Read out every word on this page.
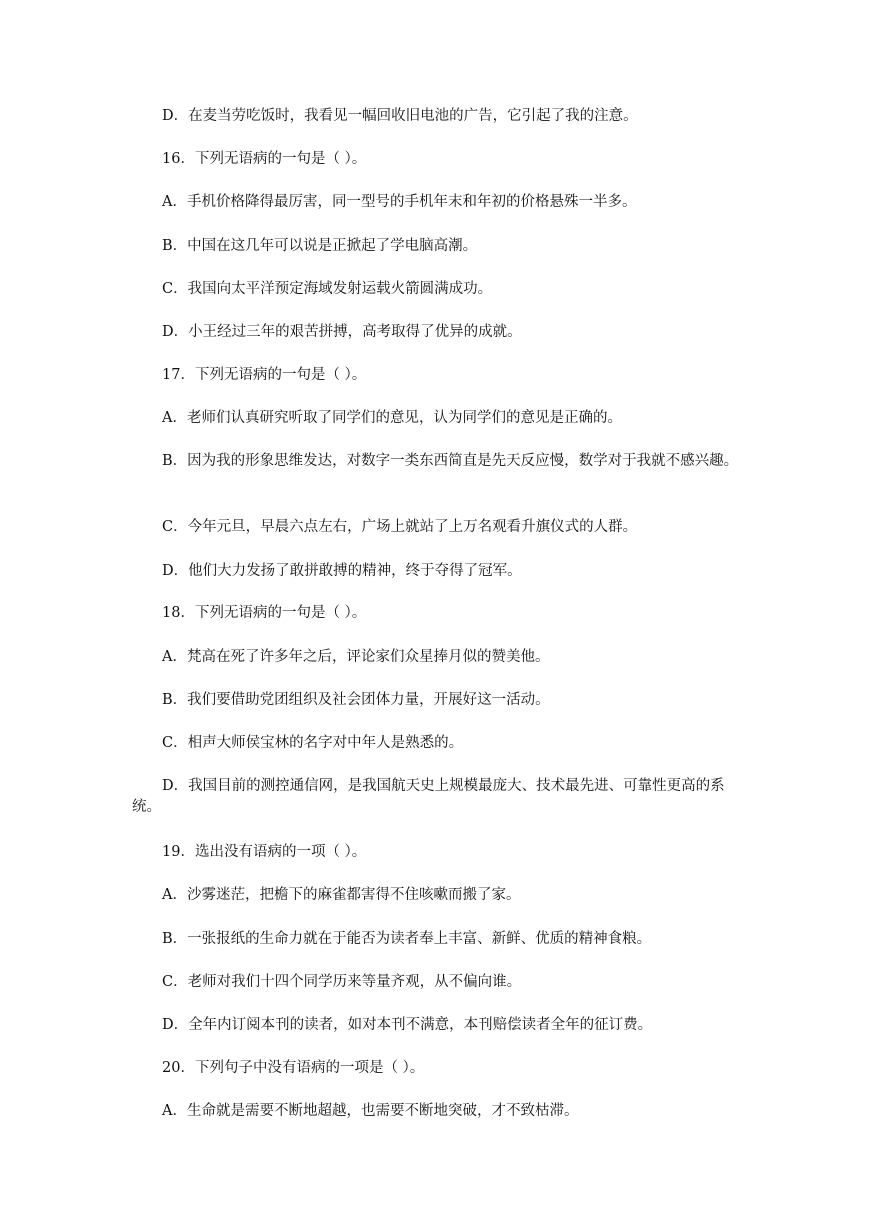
D．在麦当劳吃饭时，我看见一幅回收旧电池的广告，它引起了我的注意。

16．下列无语病的一句是（ ）。

A．手机价格降得最厉害，同一型号的手机年末和年初的价格悬殊一半多。

B．中国在这几年可以说是正掀起了学电脑高潮。

C．我国向太平洋预定海域发射运载火箭圆满成功。

D．小王经过三年的艰苦拼搏，高考取得了优异的成就。

17．下列无语病的一句是（ ）。

A．老师们认真研究听取了同学们的意见，认为同学们的意见是正确的。

B．因为我的形象思维发达，对数字一类东西简直是先天反应慢，数学对于我就不感兴趣。

C．今年元旦，早晨六点左右，广场上就站了上万名观看升旗仪式的人群。

D．他们大力发扬了敢拼敢搏的精神，终于夺得了冠军。

18．下列无语病的一句是（ ）。

A．梵高在死了许多年之后，评论家们众星捧月似的赞美他。

B．我们要借助党团组织及社会团体力量，开展好这一活动。

C．相声大师侯宝林的名字对中年人是熟悉的。

D．我国目前的测控通信网，是我国航天史上规模最庞大、技术最先进、可靠性更高的系统。

19．选出没有语病的一项（ ）。

A．沙雾迷茫，把檐下的麻雀都害得不住咳嗽而搬了家。

B．一张报纸的生命力就在于能否为读者奉上丰富、新鲜、优质的精神食粮。

C．老师对我们十四个同学历来等量齐观，从不偏向谁。

D．全年内订阅本刊的读者，如对本刊不满意，本刊赔偿读者全年的征订费。

20．下列句子中没有语病的一项是（ ）。

A．生命就是需要不断地超越，也需要不断地突破，才不致枯滞。
